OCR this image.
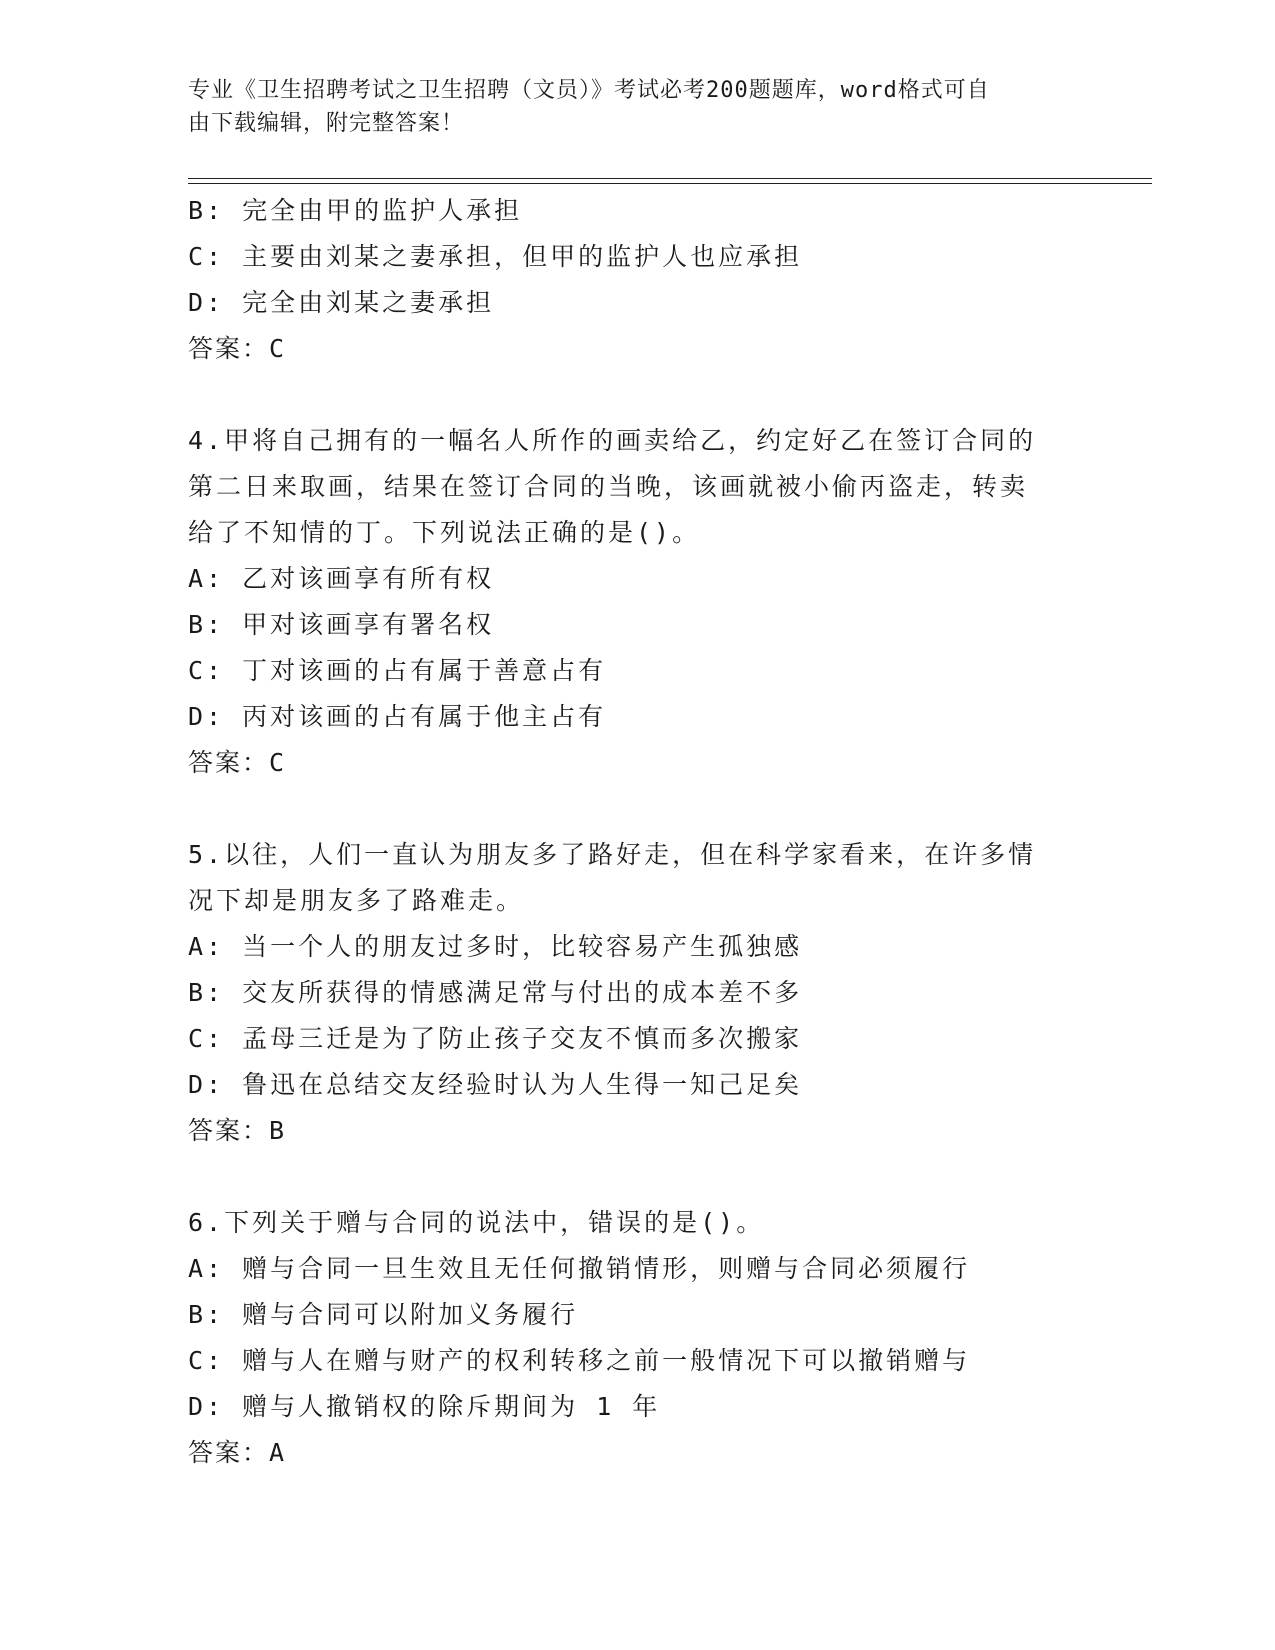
专业《卫生招聘考试之卫生招聘（文员）》考试必考200题题库，word格式可自
由下载编辑，附完整答案！
B: 完全由甲的监护人承担
C: 主要由刘某之妻承担，但甲的监护人也应承担
D: 完全由刘某之妻承担
答案：C
4.甲将自己拥有的一幅名人所作的画卖给乙，约定好乙在签订合同的
第二日来取画，结果在签订合同的当晚，该画就被小偷丙盗走，转卖
给了不知情的丁。下列说法正确的是()。
A: 乙对该画享有所有权
B: 甲对该画享有署名权
C: 丁对该画的占有属于善意占有
D: 丙对该画的占有属于他主占有
答案：C
5.以往，人们一直认为朋友多了路好走，但在科学家看来，在许多情
况下却是朋友多了路难走。
A: 当一个人的朋友过多时，比较容易产生孤独感
B: 交友所获得的情感满足常与付出的成本差不多
C: 孟母三迁是为了防止孩子交友不慎而多次搬家
D: 鲁迅在总结交友经验时认为人生得一知己足矣
答案：B
6.下列关于赠与合同的说法中，错误的是()。
A: 赠与合同一旦生效且无任何撤销情形，则赠与合同必须履行
B: 赠与合同可以附加义务履行
C: 赠与人在赠与财产的权利转移之前一般情况下可以撤销赠与
D: 赠与人撤销权的除斥期间为 1 年
答案：A
